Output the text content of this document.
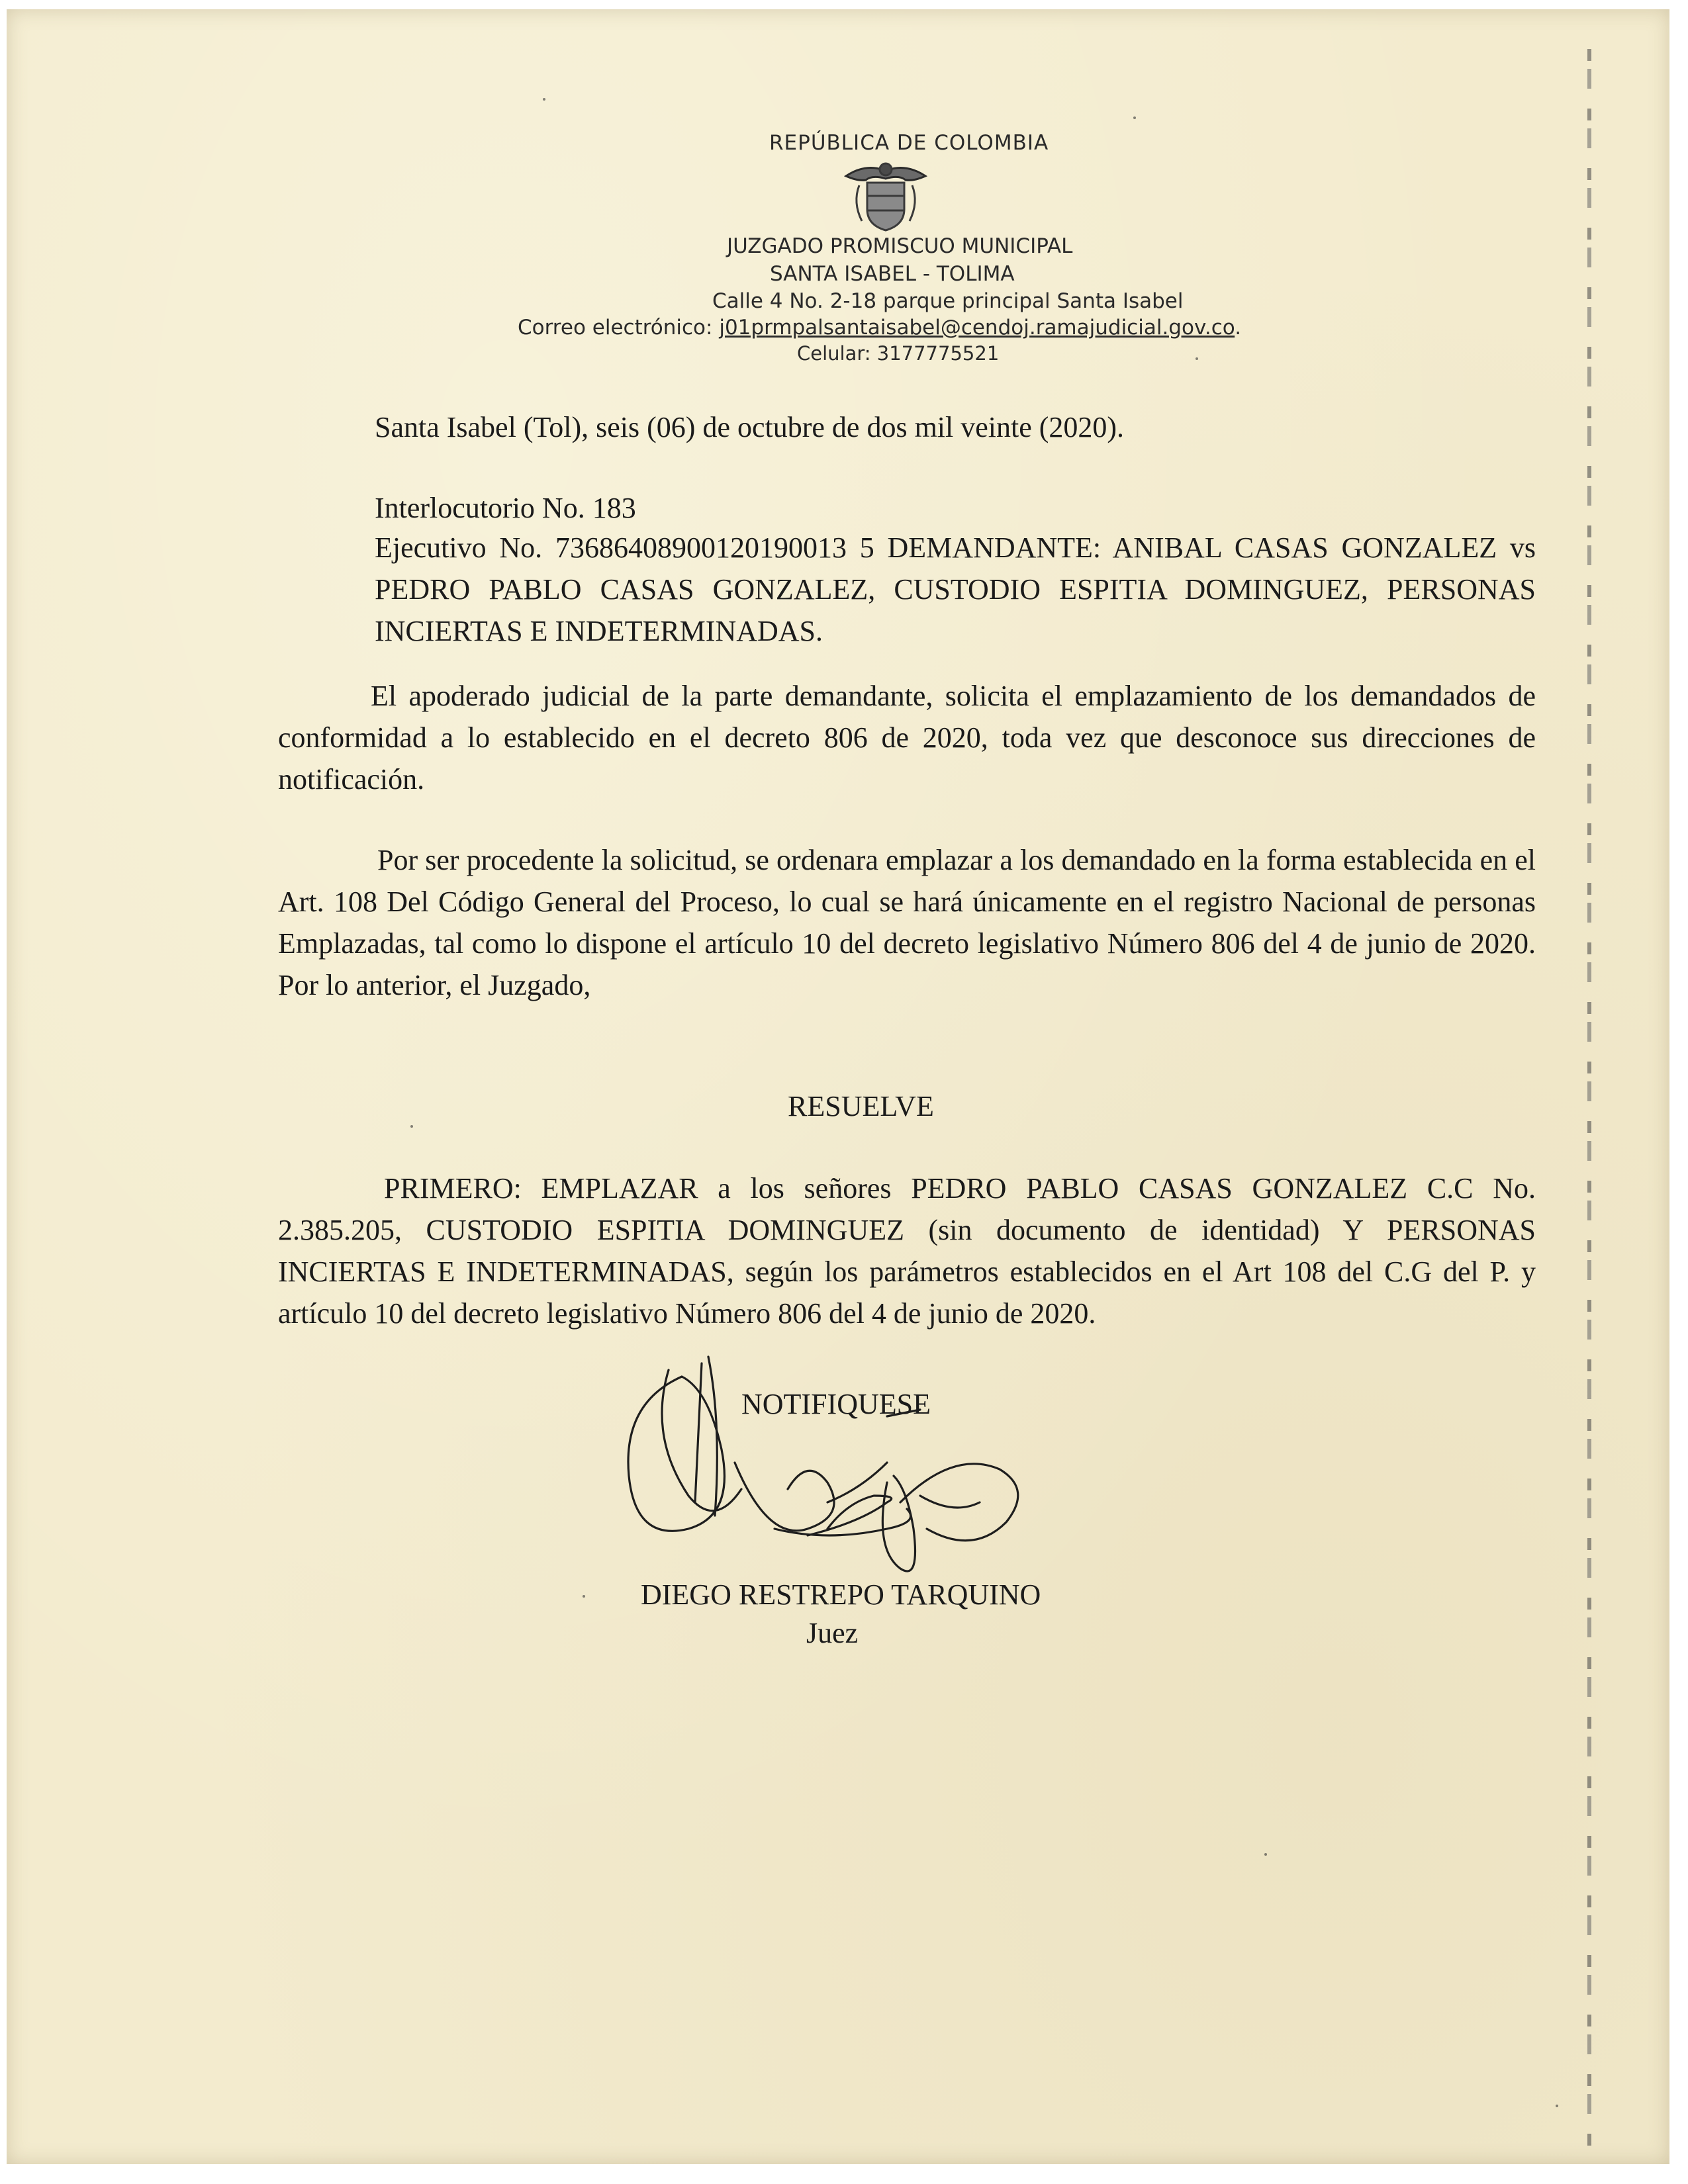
REPÚBLICA DE COLOMBIA
JUZGADO PROMISCUO MUNICIPAL
SANTA ISABEL - TOLIMA
Calle 4 No. 2-18 parque principal Santa Isabel
Correo electrónico: j01prmpalsantaisabel@cendoj.ramajudicial.gov.co.
Celular: 3177775521
Santa Isabel (Tol), seis (06) de octubre de dos mil veinte (2020).
Interlocutorio No. 183
Ejecutivo No. 73686408900120190013 5 DEMANDANTE: ANIBAL CASAS GONZALEZ vs PEDRO PABLO CASAS GONZALEZ, CUSTODIO ESPITIA DOMINGUEZ, PERSONAS INCIERTAS E INDETERMINADAS.
El apoderado judicial de la parte demandante, solicita el emplazamiento de los demandados de conformidad a lo establecido en el decreto 806 de 2020, toda vez que desconoce sus direcciones de notificación.
Por ser procedente la solicitud, se ordenara emplazar a los demandado en la forma establecida en el Art. 108 Del Código General del Proceso, lo cual se hará únicamente en el registro Nacional de personas Emplazadas, tal como lo dispone el artículo 10 del decreto legislativo Número 806 del 4 de junio de 2020. Por lo anterior, el Juzgado,
RESUELVE
PRIMERO: EMPLAZAR a los señores PEDRO PABLO CASAS GONZALEZ C.C No. 2.385.205, CUSTODIO ESPITIA DOMINGUEZ (sin documento de identidad) Y PERSONAS INCIERTAS E INDETERMINADAS, según los parámetros establecidos en el Art 108 del C.G del P. y artículo 10 del decreto legislativo Número 806 del 4 de junio de 2020.
NOTIFIQUESE
DIEGO RESTREPO TARQUINO
Juez
